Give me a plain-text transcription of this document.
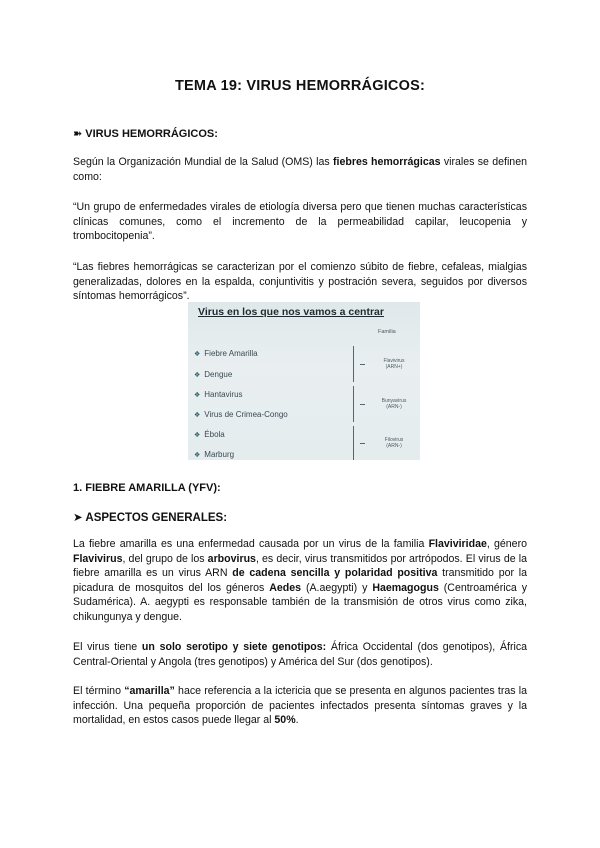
TEMA 19: VIRUS HEMORRÁGICOS:
➽ VIRUS HEMORRÁGICOS:
Según la Organización Mundial de la Salud (OMS) las fiebres hemorrágicas virales se definen como:
“Un grupo de enfermedades virales de etiología diversa pero que tienen muchas características clínicas comunes, como el incremento de la permeabilidad capilar, leucopenia y trombocitopenia”.
“Las fiebres hemorrágicas se caracterizan por el comienzo súbito de fiebre, cefaleas, mialgias generalizadas, dolores en la espalda, conjuntivitis y postración severa, seguidos por diversos síntomas hemorrágicos”.
Virus en los que nos vamos a centrar
Familia
❖ Fiebre Amarilla
❖ Dengue
❖ Hantavirus
❖ Virus de Crimea-Congo
❖ Ébola
❖ Marburg
Flavivirus
(ARN+)
Bunyavirus
(ARN-)
Filovirus
(ARN-)
1. FIEBRE AMARILLA (YFV):
➤ ASPECTOS GENERALES:
La fiebre amarilla es una enfermedad causada por un virus de la familia Flaviviridae, género Flavivirus, del grupo de los arbovirus, es decir, virus transmitidos por artrópodos. El virus de la fiebre amarilla es un virus ARN de cadena sencilla y polaridad positiva transmitido por la picadura de mosquitos del los géneros Aedes (A.aegypti) y Haemagogus (Centroamérica y Sudamérica). A. aegypti es responsable también de la transmisión de otros virus como zika, chikungunya y dengue.
El virus tiene un solo serotipo y siete genotipos: África Occidental (dos genotipos), África Central-Oriental y Angola (tres genotipos) y América del Sur (dos genotipos).
El término “amarilla” hace referencia a la ictericia que se presenta en algunos pacientes tras la infección. Una pequeña proporción de pacientes infectados presenta síntomas graves y la mortalidad, en estos casos puede llegar al 50%.
